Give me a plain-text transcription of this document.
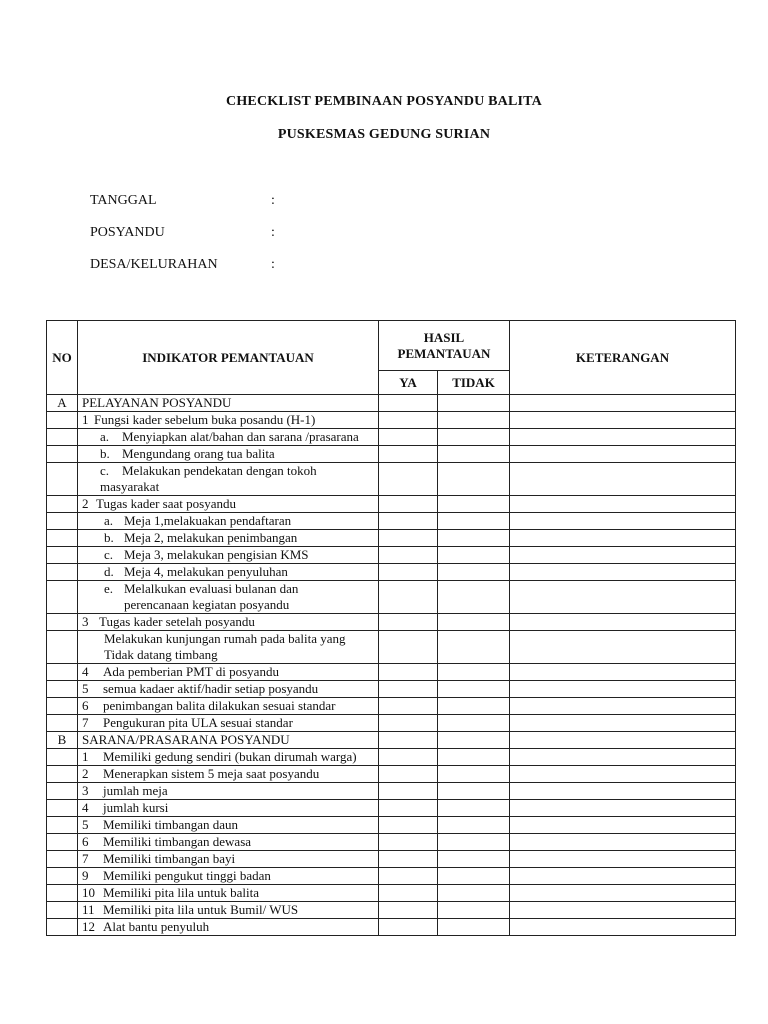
CHECKLIST PEMBINAAN POSYANDU BALITA
PUSKESMAS GEDUNG SURIAN
TANGGAL	:
POSYANDU	:
DESA/KELURAHAN	:
NO	INDIKATOR PEMANTAUAN	HASIL PEMANTAUAN		KETERANGAN
		YA	TIDAK	
A	PELAYANAN POSYANDU			
	1 Fungsi kader sebelum buka posandu (H-1)			
	a. Menyiapkan alat/bahan dan sarana /prasarana			
	b. Mengundang orang tua balita			
	c. Melakukan pendekatan dengan tokoh masyarakat			
	2 Tugas kader saat posyandu			
	a. Meja 1,melakuakan pendaftaran			
	b. Meja 2, melakukan penimbangan			
	c. Meja 3, melakukan pengisian KMS			
	d. Meja 4, melakukan penyuluhan			
	e. Melalkukan evaluasi bulanan dan
perencanaan kegiatan posyandu			
	3 Tugas kader setelah posyandu			
	Melakukan kunjungan rumah pada balita yang
Tidak datang timbang			
	4 Ada pemberian PMT di posyandu			
	5 semua kadaer aktif/hadir setiap posyandu			
	6 penimbangan balita dilakukan sesuai standar			
	7 Pengukuran pita ULA sesuai standar			
B	SARANA/PRASARANA POSYANDU			
	1 Memiliki gedung sendiri (bukan dirumah warga)			
	2 Menerapkan sistem 5 meja saat posyandu			
	3 jumlah meja			
	4 jumlah kursi			
	5 Memiliki timbangan daun			
	6 Memiliki timbangan dewasa			
	7 Memiliki timbangan bayi			
	9 Memiliki pengukut tinggi badan			
	10 Memiliki pita lila untuk balita			
	11 Memiliki pita lila untuk Bumil/ WUS			
	12 Alat bantu penyuluh			
